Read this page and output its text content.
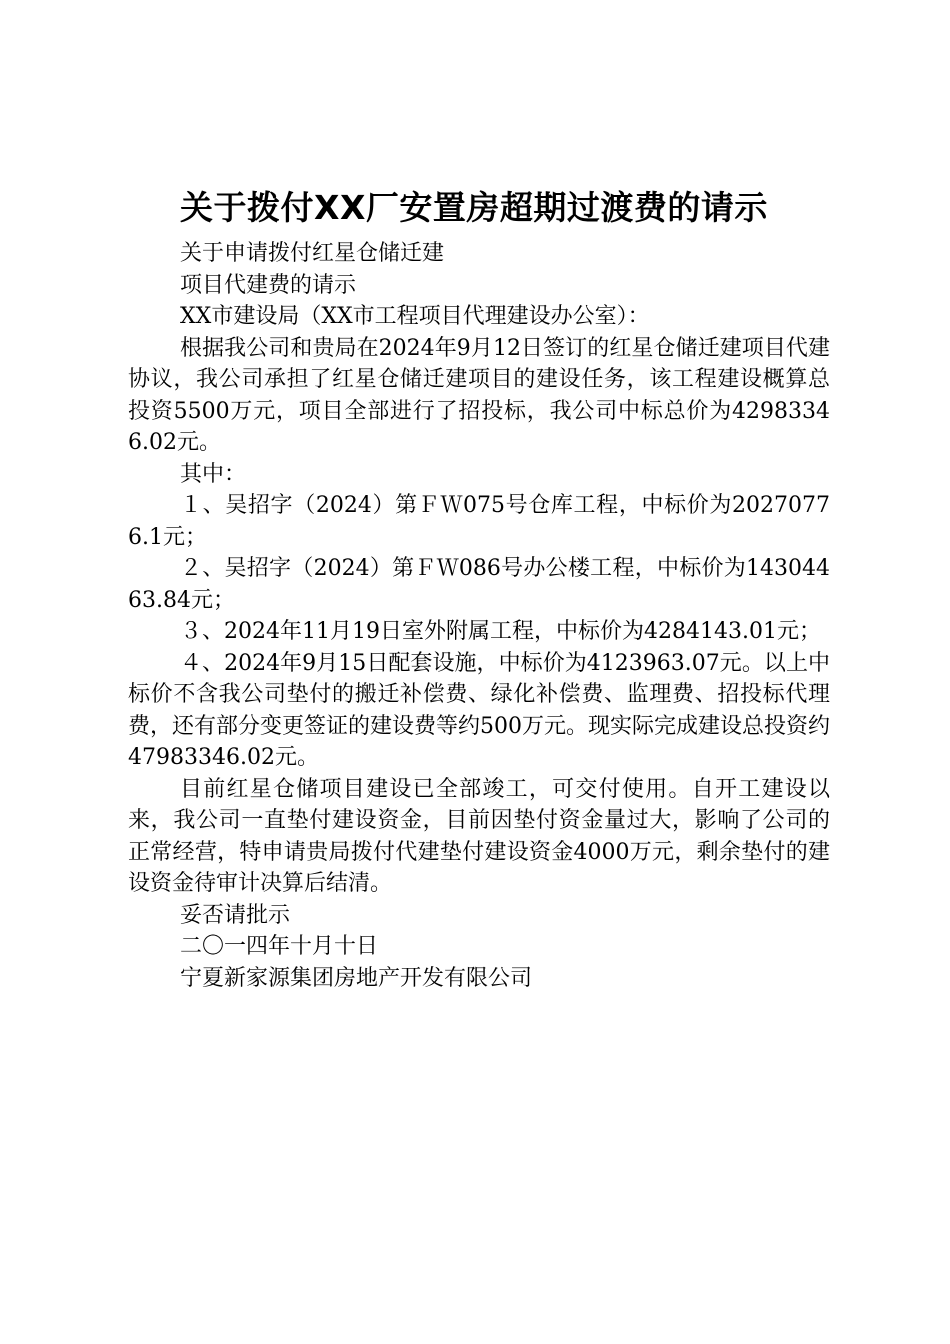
关于拨付XX厂安置房超期过渡费的请示

关于申请拨付红星仓储迁建

项目代建费的请示

XX市建设局（XX市工程项目代理建设办公室）：

根据我公司和贵局在2024年9月12日签订的红星仓储迁建项目代建协议，我公司承担了红星仓储迁建项目的建设任务，该工程建设概算总投资5500万元，项目全部进行了招投标，我公司中标总价为42983346.02元。

其中：

１、吴招字（2024）第ＦＷ075号仓库工程，中标价为20270776.1元；

２、吴招字（2024）第ＦＷ086号办公楼工程，中标价为14304463.84元；

３、2024年11月19日室外附属工程，中标价为4284143.01元；

４、2024年9月15日配套设施，中标价为4123963.07元。以上中标价不含我公司垫付的搬迁补偿费、绿化补偿费、监理费、招投标代理费，还有部分变更签证的建设费等约500万元。现实际完成建设总投资约47983346.02元。

目前红星仓储项目建设已全部竣工，可交付使用。自开工建设以来，我公司一直垫付建设资金，目前因垫付资金量过大，影响了公司的正常经营，特申请贵局拨付代建垫付建设资金4000万元，剩余垫付的建设资金待审计决算后结清。

妥否请批示

二〇一四年十月十日

宁夏新家源集团房地产开发有限公司
